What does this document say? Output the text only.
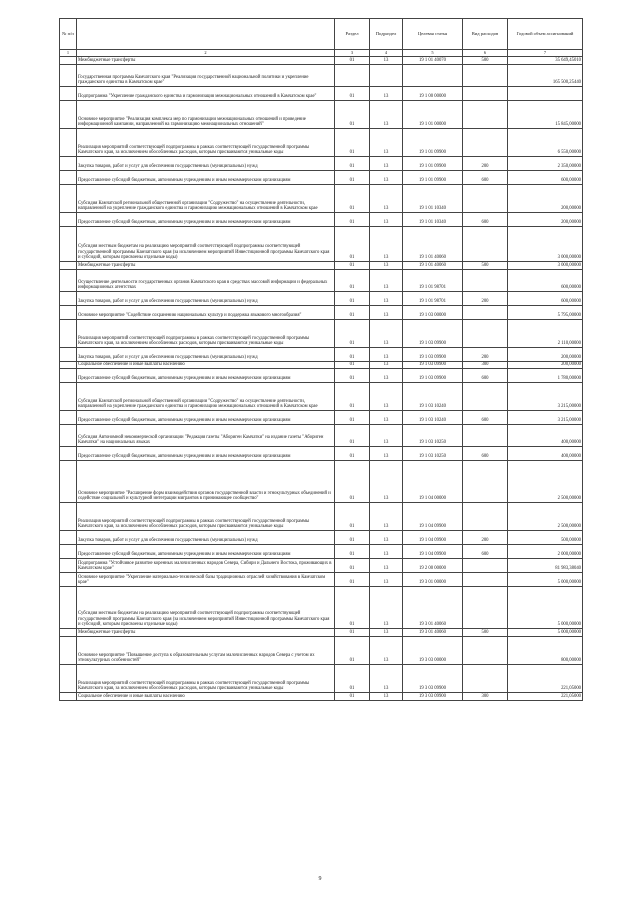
№ п/п		Раздел	Подраздел	Целевая статья	Вид расходов	Годовой объем ассигнований
1	2	3	4	5	6	7
	Межбюджетные трансферты	01	13	19 1 01 40070	500	35 649,45010
	Государственная программа Камчатского края "Реализация государственной национальной политики и укрепление гражданского единства в Камчатском крае"					165 500,25440
	Подпрограмма "Укрепление гражданского единства и гармонизация межнациональных отношений в Камчатском крае"	01	13	19 1 00 00000		
	Основное мероприятие "Реализация комплекса мер по гармонизации межнациональных отношений и проведение информационной кампании, направленной на гармонизацию межнациональных отношений"	01	13	19 1 01 00000		15 845,00000
	Реализация мероприятий соответствующей подпрограммы в рамках соответствующей государственной программы Камчатского края, за исключением обособленных расходов, которым присваиваются уникальные коды	01	13	19 1 01 09900		6 550,00000
	Закупка товаров, работ и услуг для обеспечения государственных (муниципальных) нужд	01	13	19 1 01 09900	200	2 350,00000
	Предоставление субсидий бюджетным, автономным учреждениям и иным некоммерческим организациям	01	13	19 1 01 09900	600	600,00000
	Субсидия Камчатской региональной общественной организации "Содружество" на осуществление деятельности, направленной на укрепление гражданского единства и гармонизацию межнациональных отношений в Камчатском крае	01	13	19 1 01 10340		200,00000
	Предоставление субсидий бюджетным, автономным учреждениям и иным некоммерческим организациям	01	13	19 1 01 10340	600	200,00000
	Субсидия местным бюджетам на реализацию мероприятий соответствующей подпрограммы соответствующей государственной программы Камчатского края (за исключением мероприятий Инвестиционной программы Камчатского края и субсидий, которым присвоены отдельные коды)	01	13	19 1 01 40060		3 000,00000
	Межбюджетные трансферты	01	13	19 1 01 40060	500	3 000,00000
	Осуществление деятельности государственных органов Камчатского края в средствах массовой информации и федеральных информационных агентствах	01	13	19 1 01 98701		600,00000
	Закупка товаров, работ и услуг для обеспечения государственных (муниципальных) нужд	01	13	19 1 01 98701	200	600,00000
	Основное мероприятие "Содействие сохранению национальных культур и поддержка языкового многообразия"	01	13	19 1 03 00000		5 795,00000
	Реализация мероприятий соответствующей подпрограммы в рамках соответствующей государственной программы Камчатского края, за исключением обособленных расходов, которым присваиваются уникальные коды	01	13	19 1 03 09900		2 110,00000
	Закупка товаров, работ и услуг для обеспечения государственных (муниципальных) нужд	01	13	19 1 03 09900	200	200,00000
	Социальное обеспечение и иные выплаты населению	01	13	19 1 03 09900	300	200,00000
	Предоставление субсидий бюджетным, автономным учреждениям и иным некоммерческим организациям	01	13	19 1 03 09900	600	1 780,00000
	Субсидия Камчатской региональной общественной организации "Содружество" на осуществление деятельности, направленной на укрепление гражданского единства и гармонизацию межнациональных отношений в Камчатском крае	01	13	19 1 03 10240		3 215,00000
	Предоставление субсидий бюджетным, автономным учреждениям и иным некоммерческим организациям	01	13	19 1 03 10240	600	3 215,00000
	Субсидия Автономной некоммерческой организации "Редакция газеты "Абориген Камчатки" на издание газеты "Абориген Камчатки" на национальных языках	01	13	19 1 03 10250		400,00000
	Предоставление субсидий бюджетным, автономным учреждениям и иным некоммерческим организациям	01	13	19 1 03 10250	600	400,00000
	Основное мероприятие "Расширение форм взаимодействия органов государственной власти и этнокультурных объединений и содействие социальной и культурной интеграции мигрантов в принимающее сообщество"	01	13	19 1 04 00000		2 500,00000
	Реализация мероприятий соответствующей подпрограммы в рамках соответствующей государственной программы Камчатского края, за исключением обособленных расходов, которым присваиваются уникальные коды	01	13	19 1 04 09900		2 500,00000
	Закупка товаров, работ и услуг для обеспечения государственных (муниципальных) нужд	01	13	19 1 04 09900	200	500,00000
	Предоставление субсидий бюджетным, автономным учреждениям и иным некоммерческим организациям	01	13	19 1 04 09900	600	2 000,00000
	Подпрограмма "Устойчивое развитие коренных малочисленных народов Севера, Сибири и Дальнего Востока, проживающих в Камчатском крае"	01	13	19 2 00 00000		81 983,38040
	Основное мероприятие "Укрепление материально-технической базы традиционных отраслей хозяйствования в Камчатском крае"	01	13	19 3 01 00000		5 000,00000
	Субсидия местным бюджетам на реализацию мероприятий соответствующей подпрограммы соответствующей государственной программы Камчатского края (за исключением мероприятий Инвестиционной программы Камчатского края и субсидий, которым присвоены отдельные коды)	01	13	19 3 01 40060		5 000,00000
	Межбюджетные трансферты	01	13	19 3 01 40060	500	5 000,00000
	Основное мероприятие "Повышение доступа к образовательным услугам малочисленных народов Севера с учетом их этнокультурных особенностей"	01	13	19 3 03 00000		800,00000
	Реализация мероприятий соответствующей подпрограммы в рамках соответствующей государственной программы Камчатского края, за исключением обособленных расходов, которым присваиваются уникальные коды	01	13	19 3 03 09900		221,05000
	Социальное обеспечение и иные выплаты населению	01	13	19 3 03 09900	300	221,05000
9
